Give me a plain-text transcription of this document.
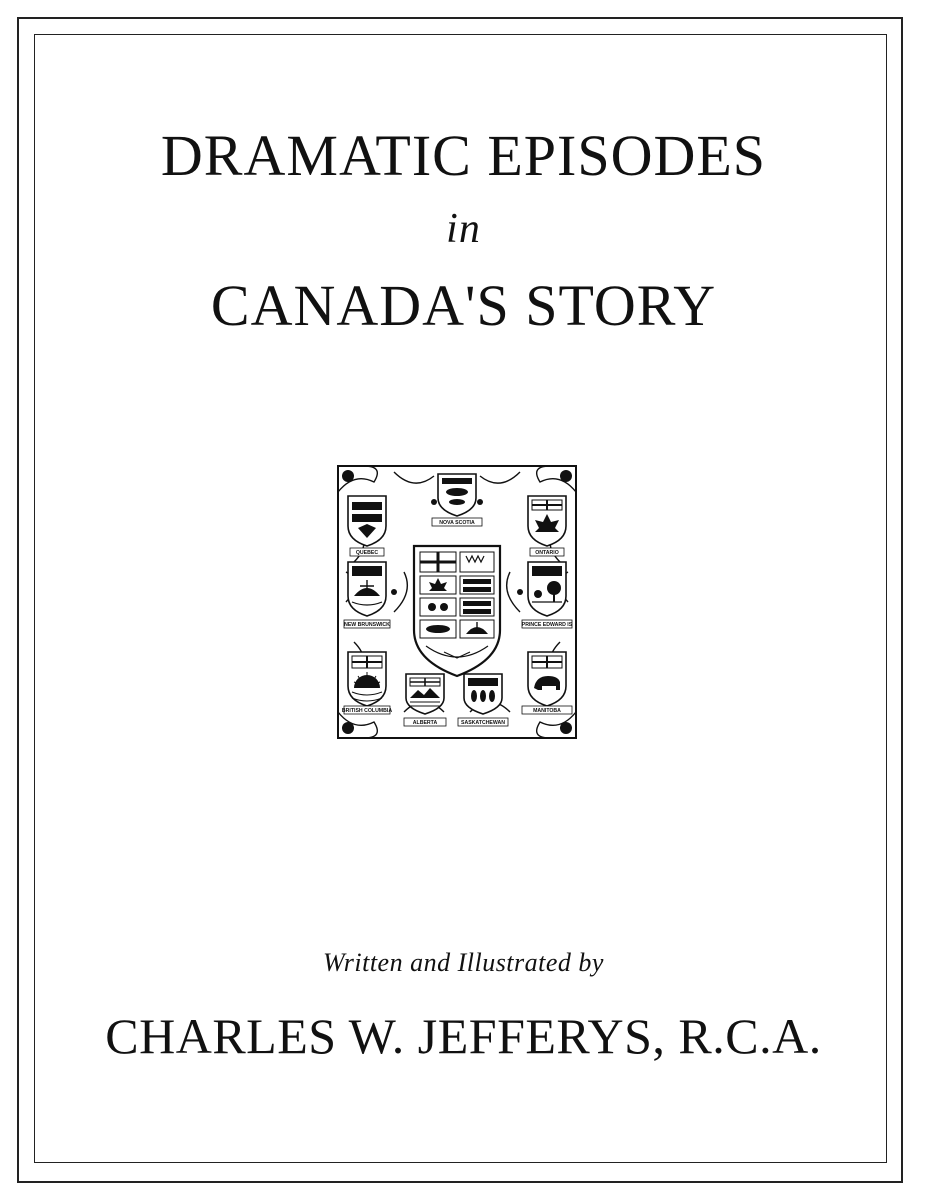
DRAMATIC EPISODES
in
CANADA'S STORY
QUEBEC
NOVA SCOTIA
ONTARIO
NEW BRUNSWICK	PRINCE EDWARD IS
BRITISH COLUMBIA
ALBERTA	SASKATCHEWAN
MANITOBA
Written and Illustrated by
CHARLES W. JEFFERYS, R.C.A.
